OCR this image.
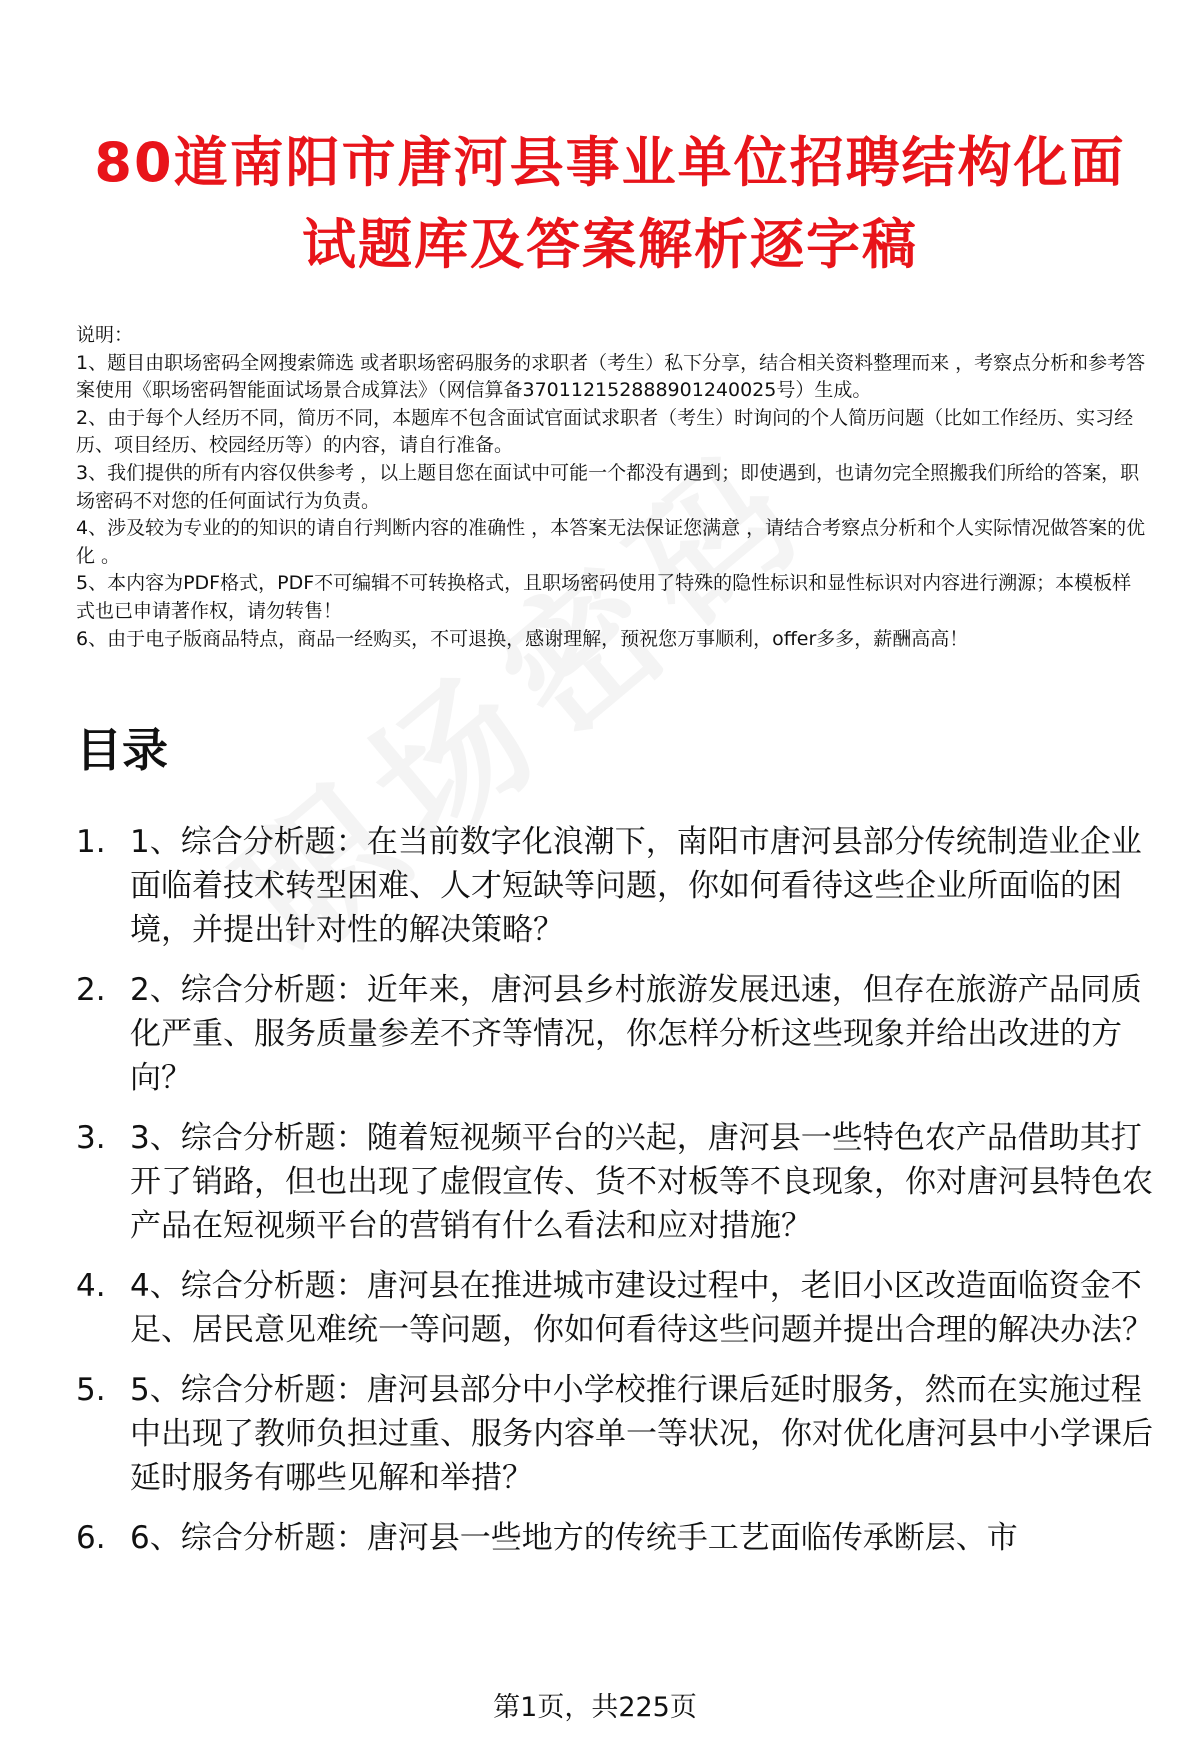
80道南阳市唐河县事业单位招聘结构化面试题库及答案解析逐字稿

说明：

1、题目由职场密码全网搜索筛选 或者职场密码服务的求职者（考生）私下分享，结合相关资料整理而来 ，考察点分析和参考答案使用《职场密码智能面试场景合成算法》（网信算备370112152888901240025号）生成。

2、由于每个人经历不同，简历不同，本题库不包含面试官面试求职者（考生）时询问的个人简历问题（比如工作经历、实习经历、项目经历、校园经历等）的内容，请自行准备。

3、我们提供的所有内容仅供参考 ，以上题目您在面试中可能一个都没有遇到；即使遇到，也请勿完全照搬我们所给的答案，职场密码不对您的任何面试行为负责。

4、涉及较为专业的的知识的请自行判断内容的准确性 ，本答案无法保证您满意 ，请结合考察点分析和个人实际情况做答案的优化 。

5、本内容为PDF格式，PDF不可编辑不可转换格式，且职场密码使用了特殊的隐性标识和显性标识对内容进行溯源；本模板样式也已申请著作权，请勿转售！

6、由于电子版商品特点，商品一经购买，不可退换，感谢理解，预祝您万事顺利，offer多多，薪酬高高！

目录
1. 1、综合分析题：在当前数字化浪潮下，南阳市唐河县部分传统制造业企业面临着技术转型困难、人才短缺等问题，你如何看待这些企业所面临的困境，并提出针对性的解决策略？
2. 2、综合分析题：近年来，唐河县乡村旅游发展迅速，但存在旅游产品同质化严重、服务质量参差不齐等情况，你怎样分析这些现象并给出改进的方向？
3. 3、综合分析题：随着短视频平台的兴起，唐河县一些特色农产品借助其打开了销路，但也出现了虚假宣传、货不对板等不良现象，你对唐河县特色农产品在短视频平台的营销有什么看法和应对措施？
4. 4、综合分析题：唐河县在推进城市建设过程中，老旧小区改造面临资金不足、居民意见难统一等问题，你如何看待这些问题并提出合理的解决办法？
5. 5、综合分析题：唐河县部分中小学校推行课后延时服务，然而在实施过程中出现了教师负担过重、服务内容单一等状况，你对优化唐河县中小学课后延时服务有哪些见解和举措？
6. 6、综合分析题：唐河县一些地方的传统手工艺面临传承断层、市
第1页，共225页
